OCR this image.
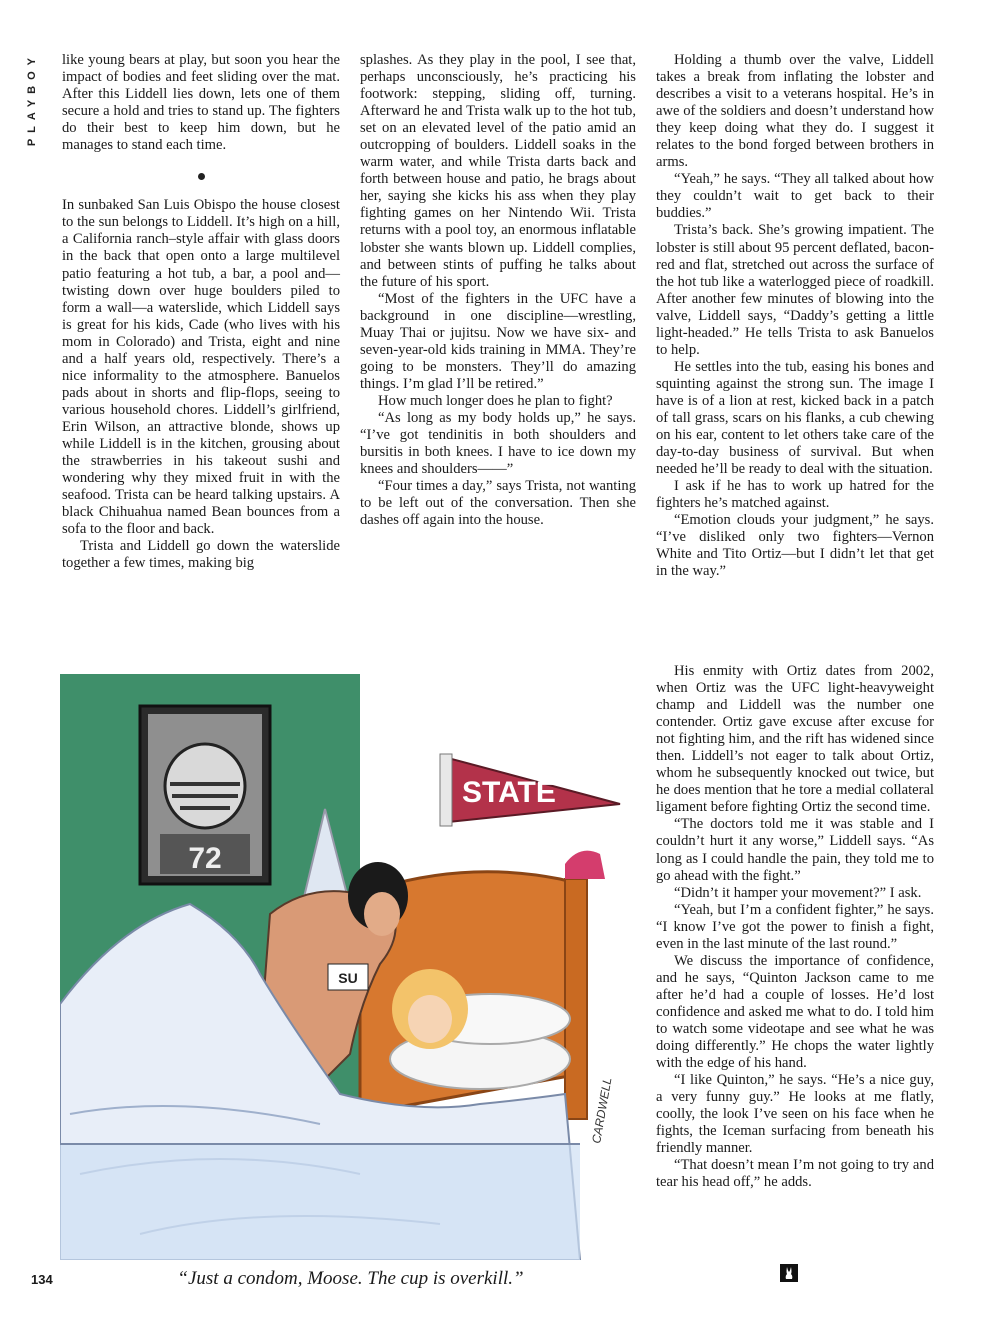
PLAYBOY like young bears at play, but soon you hear the impact of bodies and feet sliding over the mat. After this Liddell lies down, lets one of them secure a hold and tries to stand up. The fighters do their best to keep him down, but he manages to stand each time.

In sunbaked San Luis Obispo the house closest to the sun belongs to Liddell. It’s high on a hill, a California ranch–style affair with glass doors in the back that open onto a large multilevel patio featuring a hot tub, a bar, a pool and—twisting down over huge boulders piled to form a wall—a waterslide, which Liddell says is great for his kids, Cade (who lives with his mom in Colorado) and Trista, eight and nine and a half years old, respectively. There’s a nice informality to the atmosphere. Banuelos pads about in shorts and flip-flops, seeing to various household chores. Liddell’s girlfriend, Erin Wilson, an attractive blonde, shows up while Liddell is in the kitchen, grousing about the strawberries in his takeout sushi and wondering why they mixed fruit in with the seafood. Trista can be heard talking upstairs. A black Chihuahua named Bean bounces from a sofa to the floor and back.

Trista and Liddell go down the waterslide together a few times, making big

splashes. As they play in the pool, I see that, perhaps unconsciously, he’s practicing his footwork: stepping, sliding off, turning. Afterward he and Trista walk up to the hot tub, set on an elevated level of the patio amid an outcropping of boulders. Liddell soaks in the warm water, and while Trista darts back and forth between house and patio, he brags about her, saying she kicks his ass when they play fighting games on her Nintendo Wii. Trista returns with a pool toy, an enormous inflatable lobster she wants blown up. Liddell complies, and between stints of puffing he talks about the future of his sport.

“Most of the fighters in the UFC have a background in one discipline—wrestling, Muay Thai or jujitsu. Now we have six- and seven-year-old kids training in MMA. They’re going to be monsters. They’ll do amazing things. I’m glad I’ll be retired.”

How much longer does he plan to fight?

“As long as my body holds up,” he says. “I’ve got tendinitis in both shoulders and bursitis in both knees. I have to ice down my knees and shoulders——”

“Four times a day,” says Trista, not wanting to be left out of the conversation. Then she dashes off again into the house.

Holding a thumb over the valve, Liddell takes a break from inflating the lobster and describes a visit to a veterans hospital. He’s in awe of the soldiers and doesn’t understand how they keep doing what they do. I suggest it relates to the bond forged between brothers in arms.

“Yeah,” he says. “They all talked about how they couldn’t wait to get back to their buddies.”

Trista’s back. She’s growing impatient. The lobster is still about 95 percent deflated, bacon-red and flat, stretched out across the surface of the hot tub like a waterlogged piece of roadkill. After another few minutes of blowing into the valve, Liddell says, “Daddy’s getting a little light-headed.” He tells Trista to ask Banuelos to help.

He settles into the tub, easing his bones and squinting against the strong sun. The image I have is of a lion at rest, kicked back in a patch of tall grass, scars on his flanks, a cub chewing on his ear, content to let others take care of the day-to-day business of survival. But when needed he’ll be ready to deal with the situation.

I ask if he has to work up hatred for the fighters he’s matched against.

“Emotion clouds your judgment,” he says. “I’ve disliked only two fighters—Vernon White and Tito Ortiz—but I didn’t let that get in the way.”

His enmity with Ortiz dates from 2002, when Ortiz was the UFC light-heavyweight champ and Liddell was the number one contender. Ortiz gave excuse after excuse for not fighting him, and the rift has widened since then. Liddell’s not eager to talk about Ortiz, whom he subsequently knocked out twice, but he does mention that he tore a medial collateral ligament before fighting Ortiz the second time.

“The doctors told me it was stable and I couldn’t hurt it any worse,” Liddell says. “As long as I could handle the pain, they told me to go ahead with the fight.”

“Didn’t it hamper your movement?” I ask.

“Yeah, but I’m a confident fighter,” he says. “I know I’ve got the power to finish a fight, even in the last minute of the last round.”

We discuss the importance of confidence, and he says, “Quinton Jackson came to me after he’d had a couple of losses. He’d lost confidence and asked me what to do. I told him to watch some videotape and see what he was doing differently.” He chops the water lightly with the edge of his hand.

“I like Quinton,” he says. “He’s a nice guy, a very funny guy.” He looks at me flatly, coolly, the look I’ve seen on his face when he fights, the Iceman surfacing from beneath his friendly manner.

“That doesn’t mean I’m not going to try and tear his head off,” he adds.

72
STATE
SU
CARDWELL
“Just a condom, Moose. The cup is overkill.”
134
